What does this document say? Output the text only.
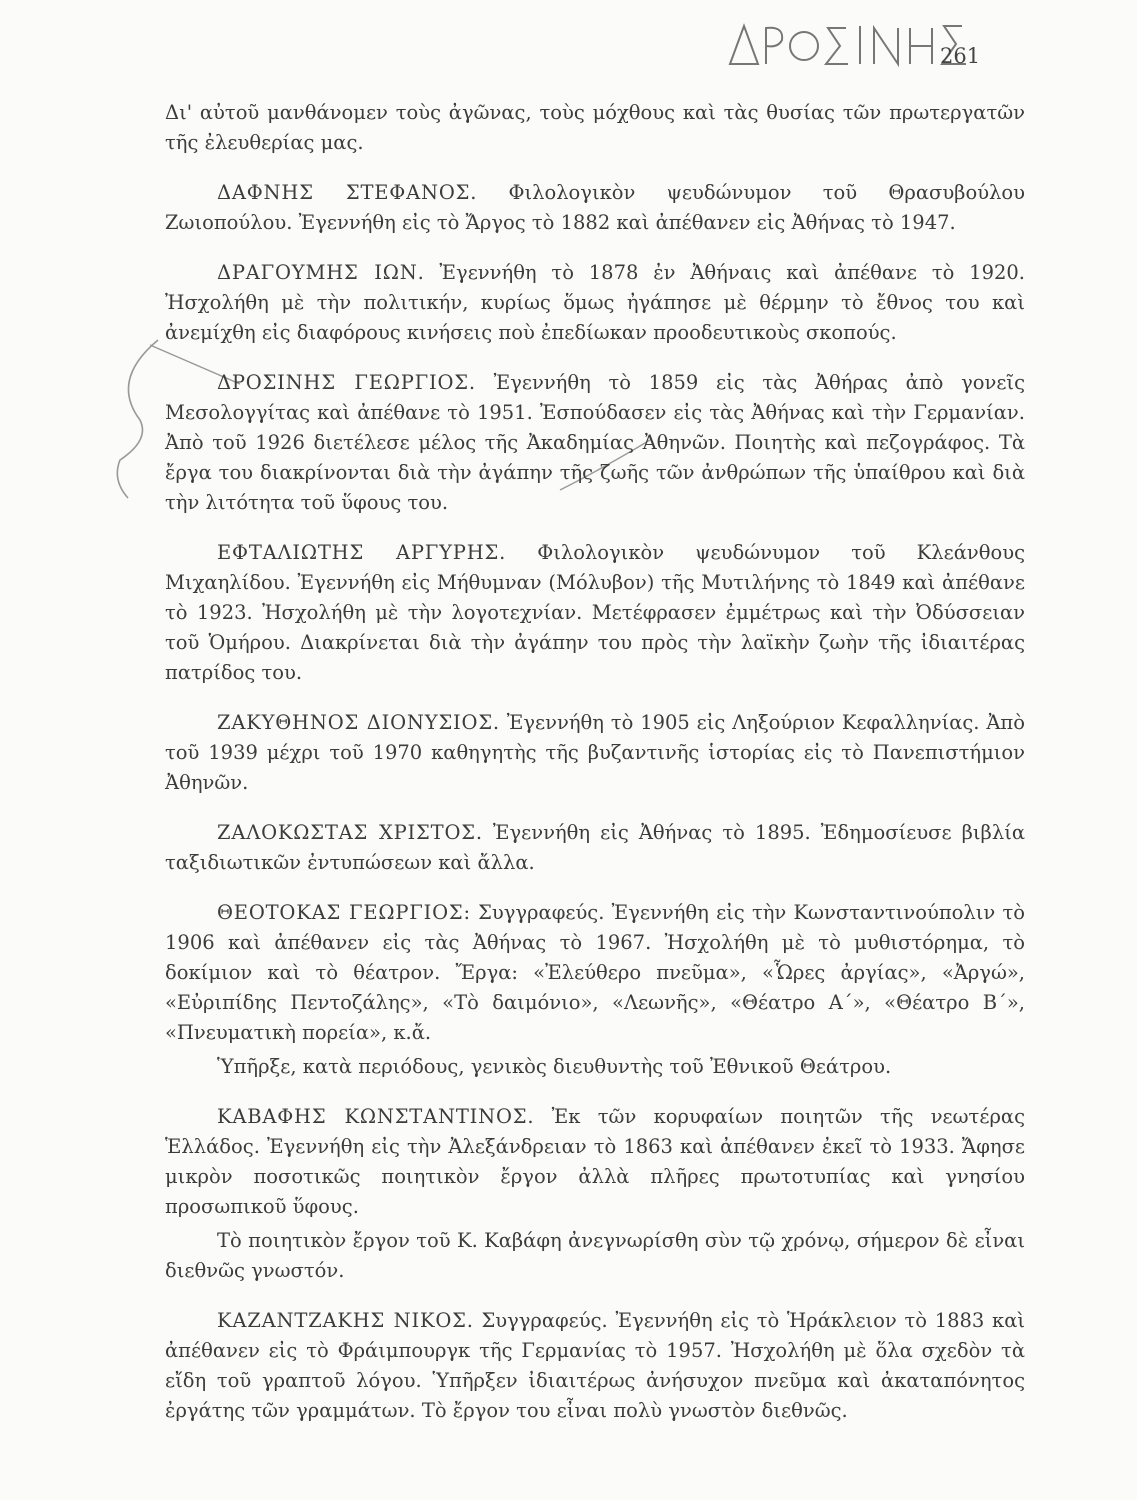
261

Δι' αὐτοῦ μανθάνομεν τοὺς ἀγῶνας, τοὺς μόχθους καὶ τὰς θυσίας τῶν πρωτεργατῶν τῆς ἐλευθερίας μας.

ΔΑΦΝΗΣ ΣΤΕΦΑΝΟΣ. Φιλολογικὸν ψευδώνυμον τοῦ Θρασυβούλου Ζωιοπούλου. Ἐγεννήθη εἰς τὸ Ἄργος τὸ 1882 καὶ ἀπέθανεν εἰς Ἀθήνας τὸ 1947.

ΔΡΑΓΟΥΜΗΣ ΙΩΝ. Ἐγεννήθη τὸ 1878 ἐν Ἀθήναις καὶ ἀπέθανε τὸ 1920. Ἠσχολήθη μὲ τὴν πολιτικήν, κυρίως ὅμως ἠγάπησε μὲ θέρμην τὸ ἔθνος του καὶ ἀνεμίχθη εἰς διαφόρους κινήσεις ποὺ ἐπεδίωκαν προοδευτικοὺς σκοπούς.

ΔΡΟΣΙΝΗΣ ΓΕΩΡΓΙΟΣ. Ἐγεννήθη τὸ 1859 εἰς τὰς Ἀθήρας ἀπὸ γονεῖς Μεσολογγίτας καὶ ἀπέθανε τὸ 1951. Ἐσπούδασεν εἰς τὰς Ἀθήνας καὶ τὴν Γερμανίαν. Ἀπὸ τοῦ 1926 διετέλεσε μέλος τῆς Ἀκαδημίας Ἀθηνῶν. Ποιητὴς καὶ πεζογράφος. Τὰ ἔργα του διακρίνονται διὰ τὴν ἀγάπην τῆς ζωῆς τῶν ἀνθρώπων τῆς ὑπαίθρου καὶ διὰ τὴν λιτότητα τοῦ ὕφους του.

ΕΦΤΑΛΙΩΤΗΣ ΑΡΓΥΡΗΣ. Φιλολογικὸν ψευδώνυμον τοῦ Κλεάνθους Μιχαηλίδου. Ἐγεννήθη εἰς Μήθυμναν (Μόλυβον) τῆς Μυτιλήνης τὸ 1849 καὶ ἀπέθανε τὸ 1923. Ἠσχολήθη μὲ τὴν λογοτεχνίαν. Μετέφρασεν ἐμμέτρως καὶ τὴν Ὀδύσσειαν τοῦ Ὁμήρου. Διακρίνεται διὰ τὴν ἀγάπην του πρὸς τὴν λαϊκὴν ζωὴν τῆς ἰδιαιτέρας πατρίδος του.

ΖΑΚΥΘΗΝΟΣ ΔΙΟΝΥΣΙΟΣ. Ἐγεννήθη τὸ 1905 εἰς Ληξούριον Κεφαλληνίας. Ἀπὸ τοῦ 1939 μέχρι τοῦ 1970 καθηγητὴς τῆς βυζαντινῆς ἱστορίας εἰς τὸ Πανεπιστήμιον Ἀθηνῶν.

ΖΑΛΟΚΩΣΤΑΣ ΧΡΙΣΤΟΣ. Ἐγεννήθη εἰς Ἀθήνας τὸ 1895. Ἐδημοσίευσε βιβλία ταξιδιωτικῶν ἐντυπώσεων καὶ ἄλλα.

ΘΕΟΤΟΚΑΣ ΓΕΩΡΓΙΟΣ: Συγγραφεύς. Ἐγεννήθη εἰς τὴν Κωνσταντινούπολιν τὸ 1906 καὶ ἀπέθανεν εἰς τὰς Ἀθήνας τὸ 1967. Ἠσχολήθη μὲ τὸ μυθιστόρημα, τὸ δοκίμιον καὶ τὸ θέατρον. Ἔργα: «Ἐλεύθερο πνεῦμα», «Ὧρες ἀργίας», «Ἀργώ», «Εὐριπίδης Πεντοζάλης», «Τὸ δαιμόνιο», «Λεωνῆς», «Θέατρο Α΄», «Θέατρο Β΄», «Πνευματικὴ πορεία», κ.ἄ.

Ὑπῆρξε, κατὰ περιόδους, γενικὸς διευθυντὴς τοῦ Ἐθνικοῦ Θεάτρου.

ΚΑΒΑΦΗΣ ΚΩΝΣΤΑΝΤΙΝΟΣ. Ἐκ τῶν κορυφαίων ποιητῶν τῆς νεωτέρας Ἑλλάδος. Ἐγεννήθη εἰς τὴν Ἀλεξάνδρειαν τὸ 1863 καὶ ἀπέθανεν ἐκεῖ τὸ 1933. Ἄφησε μικρὸν ποσοτικῶς ποιητικὸν ἔργον ἀλλὰ πλῆρες πρωτοτυπίας καὶ γνησίου προσωπικοῦ ὕφους.

Τὸ ποιητικὸν ἔργον τοῦ Κ. Καβάφη ἀνεγνωρίσθη σὺν τῷ χρόνῳ, σήμερον δὲ εἶναι διεθνῶς γνωστόν.

ΚΑΖΑΝΤΖΑΚΗΣ ΝΙΚΟΣ. Συγγραφεύς. Ἐγεννήθη εἰς τὸ Ἡράκλειον τὸ 1883 καὶ ἀπέθανεν εἰς τὸ Φράιμπουργκ τῆς Γερμανίας τὸ 1957. Ἠσχολήθη μὲ ὅλα σχεδὸν τὰ εἴδη τοῦ γραπτοῦ λόγου. Ὑπῆρξεν ἰδιαιτέρως ἀνήσυχον πνεῦμα καὶ ἀκαταπόνητος ἐργάτης τῶν γραμμάτων. Τὸ ἔργον του εἶναι πολὺ γνωστὸν διεθνῶς.
